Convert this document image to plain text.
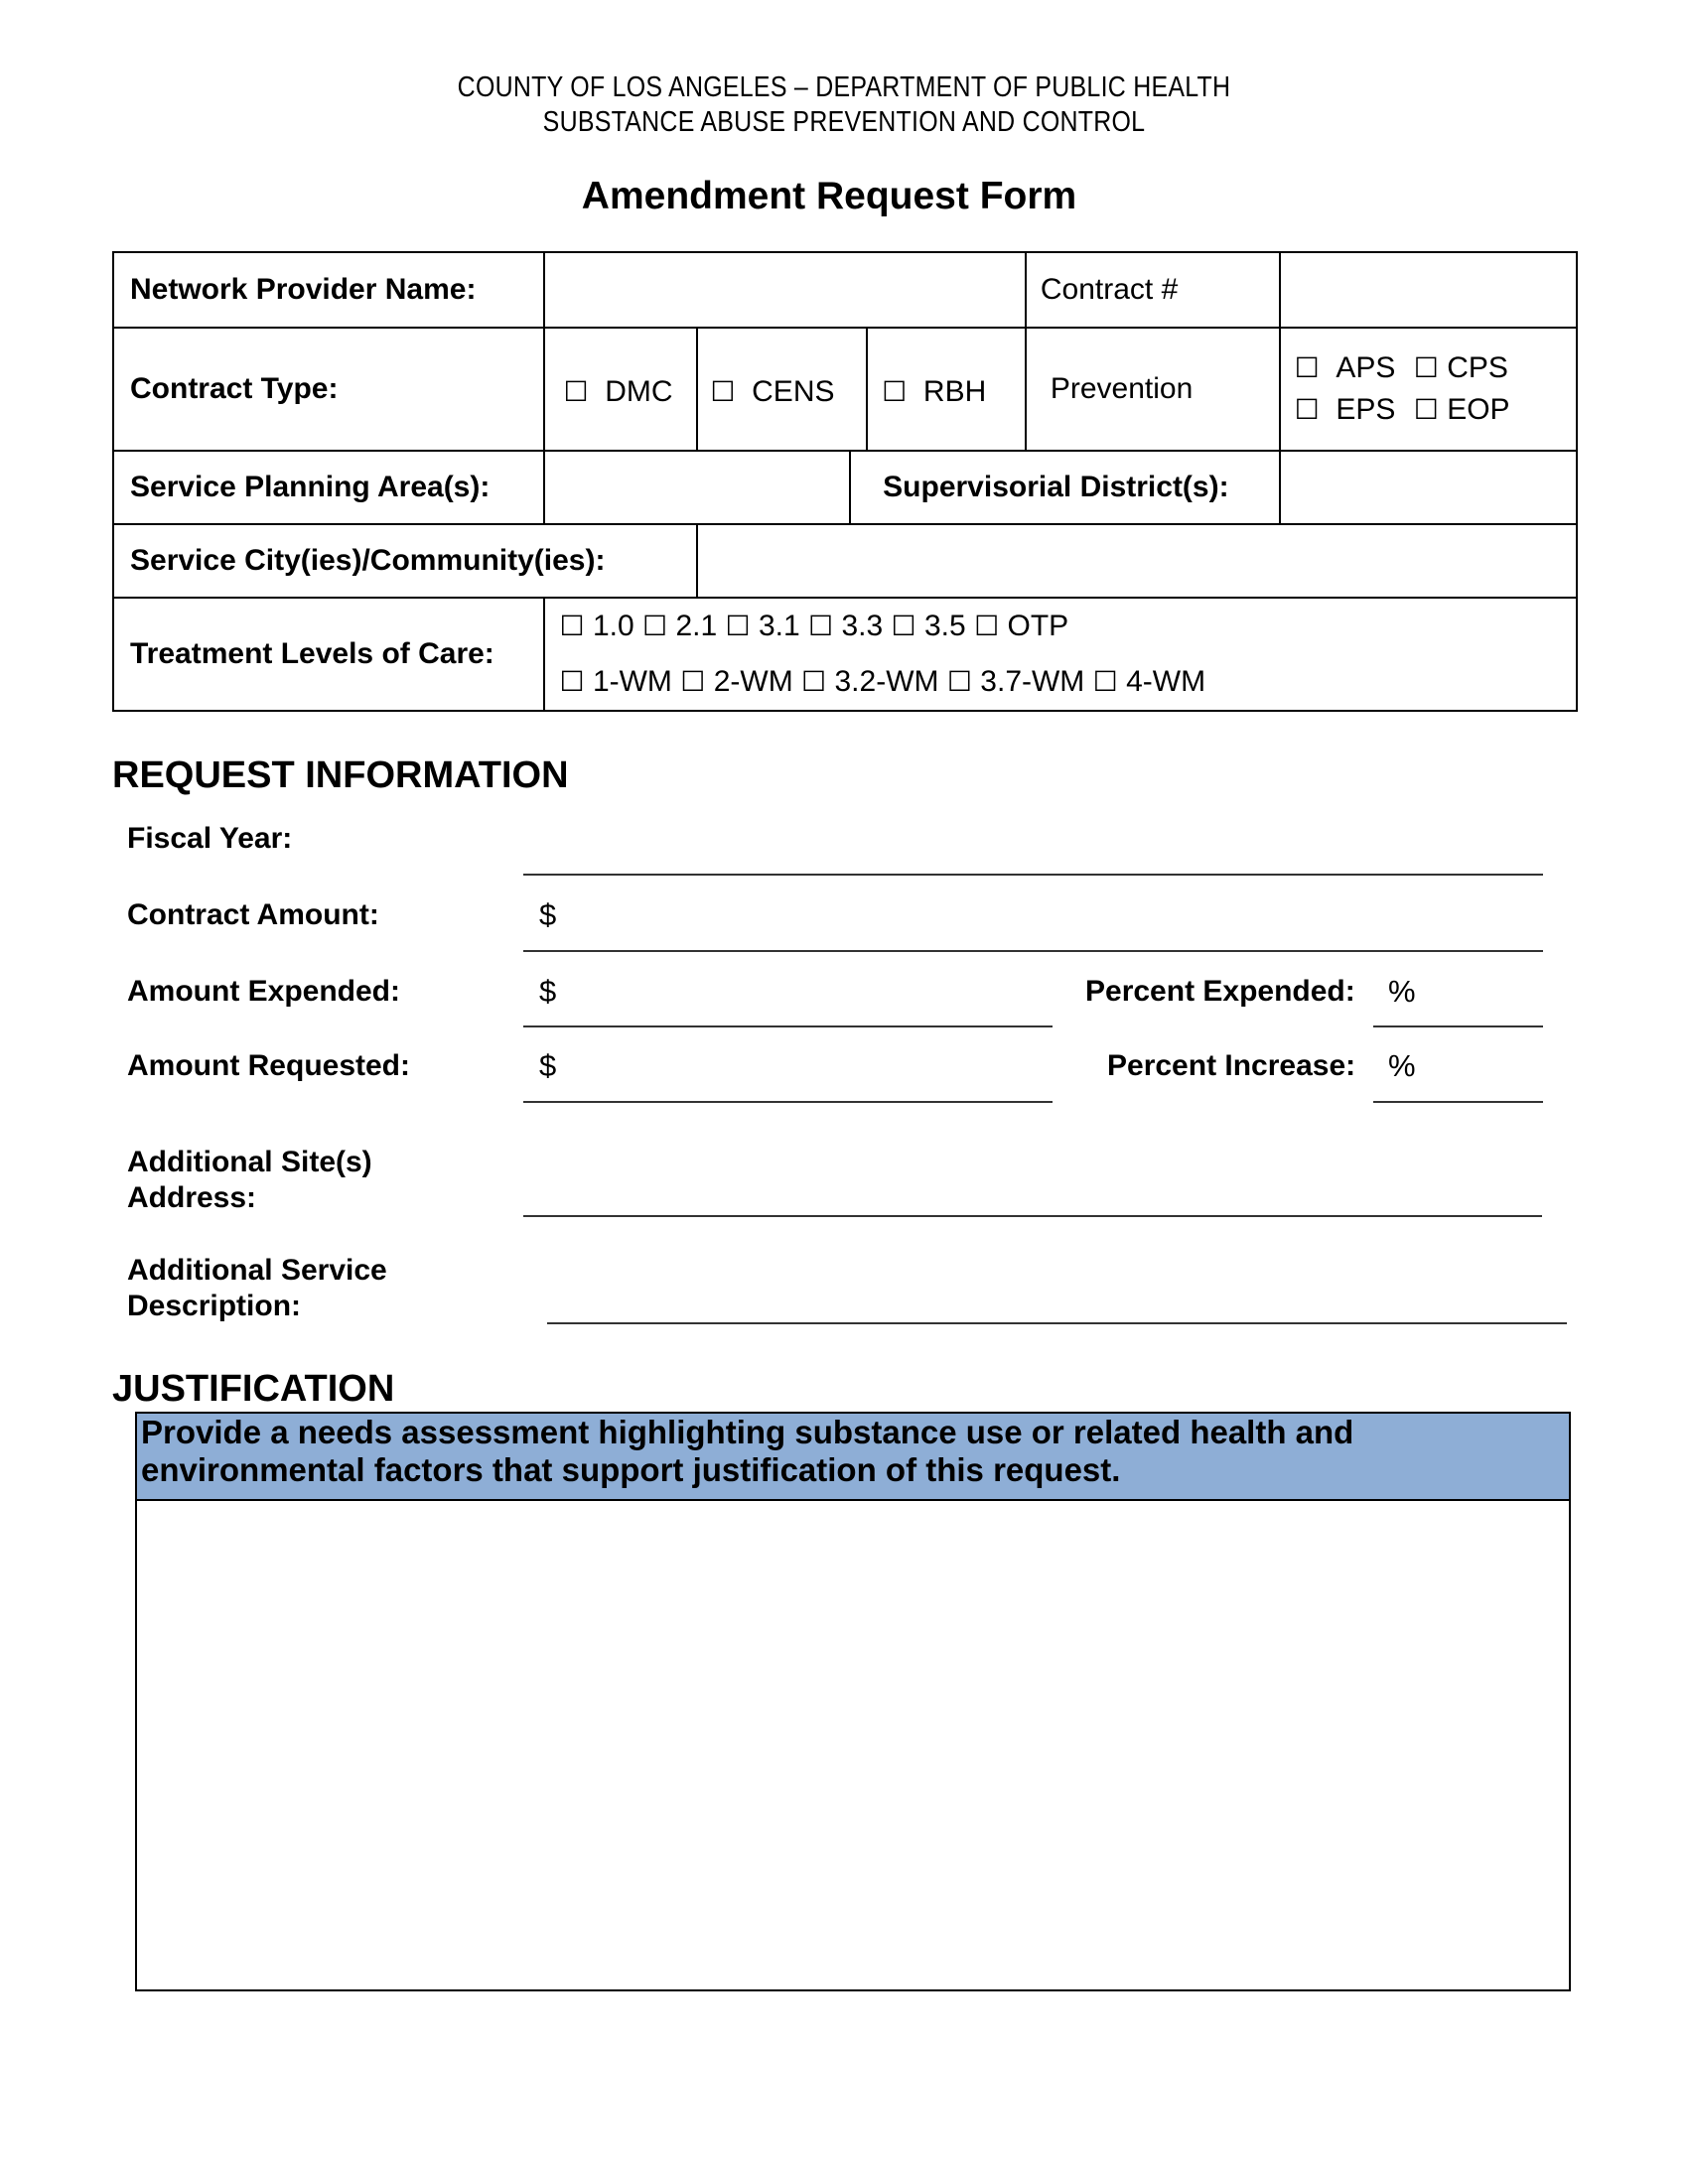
COUNTY OF LOS ANGELES – DEPARTMENT OF PUBLIC HEALTH
SUBSTANCE ABUSE PREVENTION AND CONTROL
Amendment Request Form
Network Provider Name:					Contract #	
Contract Type:	☐ DMC	☐ CENS		☐ RBH	Prevention	☐ APS ☐ CPS
☐ EPS ☐ EOP

Service Planning Area(s):			Supervisorial District(s):			
Service City(ies)/Community(ies):						
Treatment Levels of Care:	☐ 1.0 ☐ 2.1 ☐ 3.1 ☐ 3.3 ☐ 3.5 ☐ OTP
☐ 1-WM ☐ 2-WM ☐ 3.2-WM ☐ 3.7-WM ☐ 4-WM					
REQUEST INFORMATION
Fiscal Year:
Contract Amount:	$
Amount Expended:	$	Percent Expended: %
Amount Requested:	$	Percent Increase: %
Additional Site(s)
Address:
Additional Service
Description:
JUSTIFICATION
Provide a needs assessment highlighting substance use or related health and
environmental factors that support justification of this request.
